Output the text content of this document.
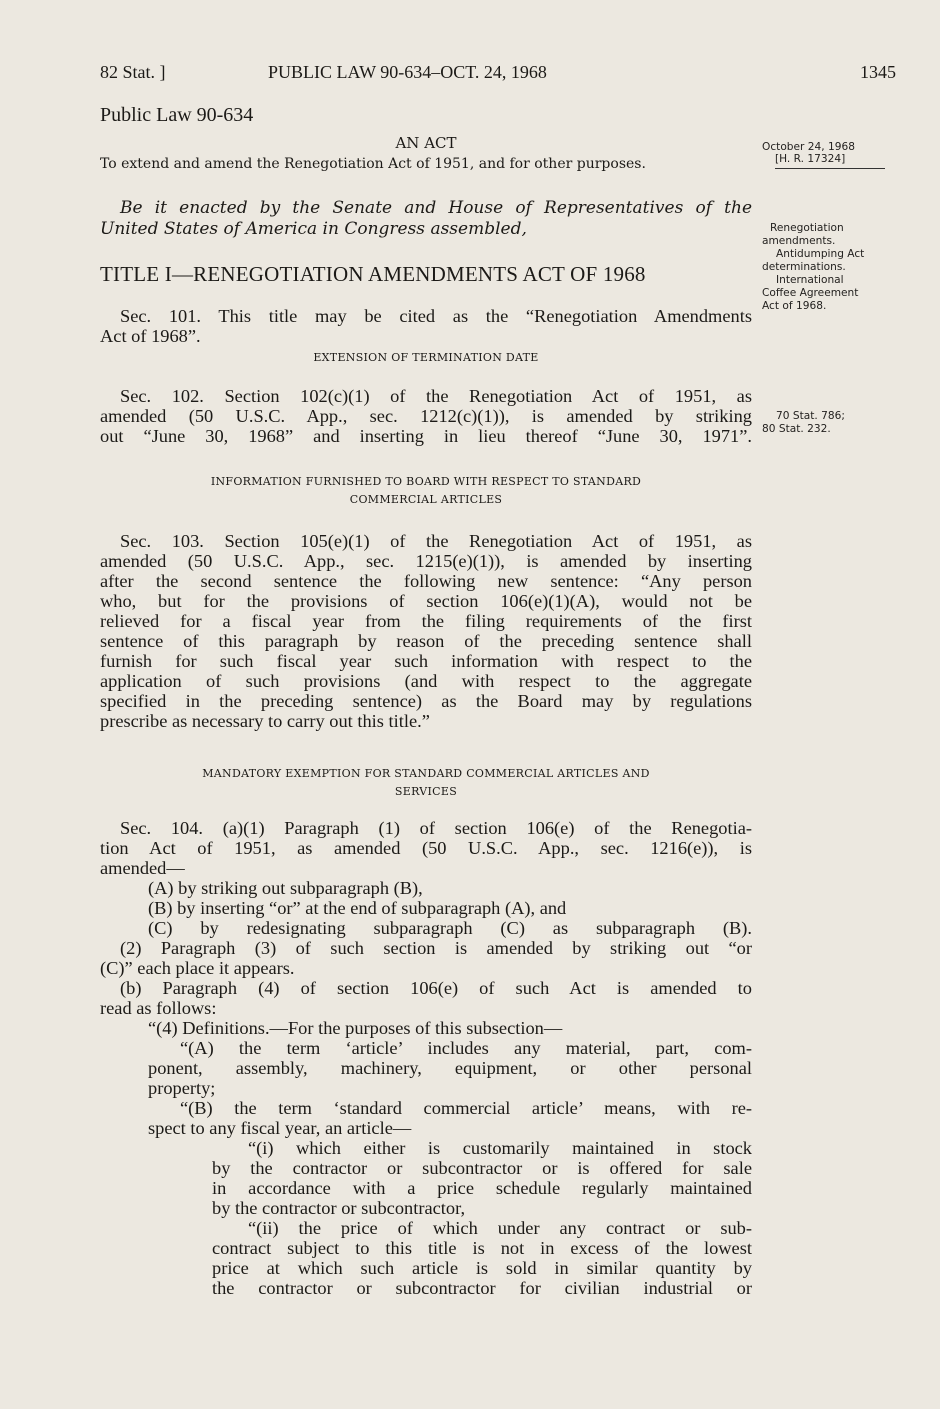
82 Stat. ]	PUBLIC LAW 90-634–OCT. 24, 1968	1345
Public Law 90-634
AN ACT
To extend and amend the Renegotiation Act of 1951, and for other purposes.
October 24, 1968
[H. R. 17324]
Renegotiation
amendments.
Antidumping Act
determinations.
International
Coffee Agreement
Act of 1968.
70 Stat. 786;
80 Stat. 232.
Be it enacted by the Senate and House of Representatives of the
United States of America in Congress assembled,
TITLE I—RENEGOTIATION AMENDMENTS ACT OF 1968
Sec. 101. This title may be cited as the “Renegotiation Amendments
Act of 1968”.
EXTENSION OF TERMINATION DATE
Sec. 102. Section 102(c)(1) of the Renegotiation Act of 1951, as
amended (50 U.S.C. App., sec. 1212(c)(1)), is amended by striking
out “June 30, 1968” and inserting in lieu thereof “June 30, 1971”.
INFORMATION FURNISHED TO BOARD WITH RESPECT TO STANDARD
COMMERCIAL ARTICLES
Sec. 103. Section 105(e)(1) of the Renegotiation Act of 1951, as
amended (50 U.S.C. App., sec. 1215(e)(1)), is amended by inserting
after the second sentence the following new sentence: “Any person
who, but for the provisions of section 106(e)(1)(A), would not be
relieved for a fiscal year from the filing requirements of the first
sentence of this paragraph by reason of the preceding sentence shall
furnish for such fiscal year such information with respect to the
application of such provisions (and with respect to the aggregate
specified in the preceding sentence) as the Board may by regulations
prescribe as necessary to carry out this title.”
MANDATORY EXEMPTION FOR STANDARD COMMERCIAL ARTICLES AND
SERVICES
Sec. 104. (a)(1) Paragraph (1) of section 106(e) of the Renegotia-
tion Act of 1951, as amended (50 U.S.C. App., sec. 1216(e)), is
amended—
(A) by striking out subparagraph (B),
(B) by inserting “or” at the end of subparagraph (A), and
(C) by redesignating subparagraph (C) as subparagraph (B).
(2) Paragraph (3) of such section is amended by striking out “or
(C)” each place it appears.
(b) Paragraph (4) of section 106(e) of such Act is amended to
read as follows:
“(4) Definitions.—For the purposes of this subsection—
“(A) the term ‘article’ includes any material, part, com-
ponent, assembly, machinery, equipment, or other personal
property;
“(B) the term ‘standard commercial article’ means, with re-
spect to any fiscal year, an article—
“(i) which either is customarily maintained in stock
by the contractor or subcontractor or is offered for sale
in accordance with a price schedule regularly maintained
by the contractor or subcontractor,
“(ii) the price of which under any contract or sub-
contract subject to this title is not in excess of the lowest
price at which such article is sold in similar quantity by
the contractor or subcontractor for civilian industrial or
